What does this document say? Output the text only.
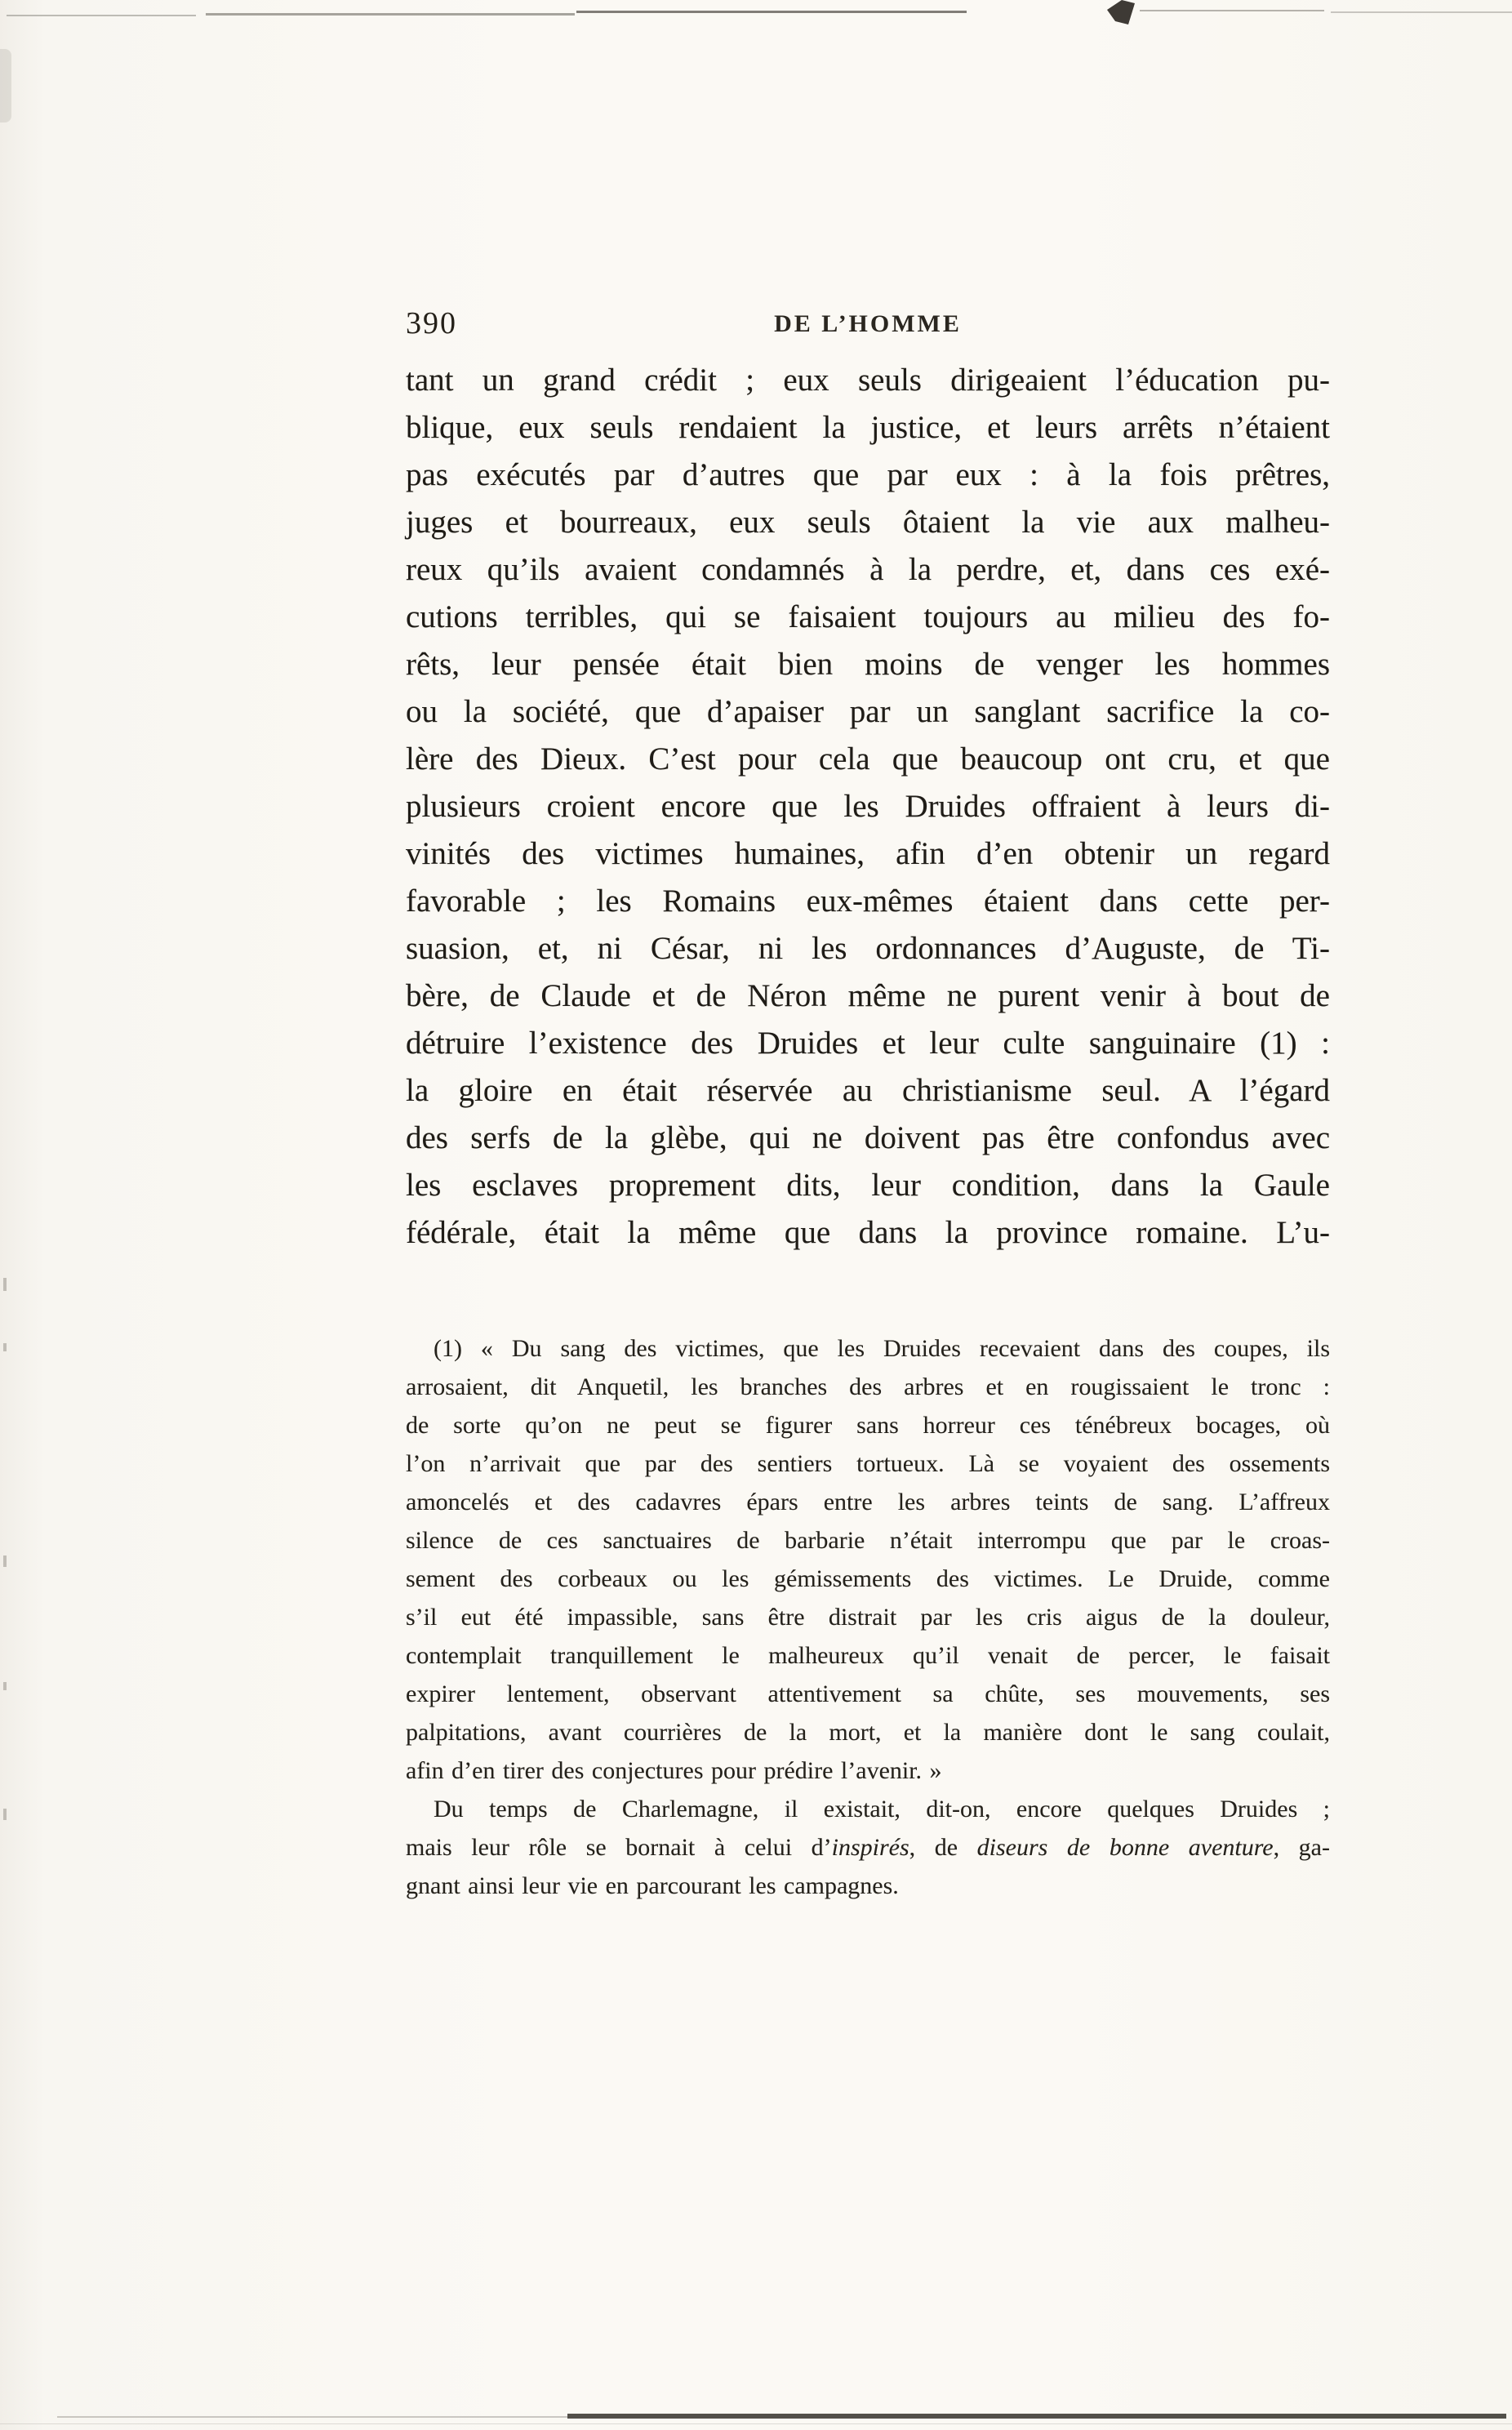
390	DE L’HOMME
tant un grand crédit ; eux seuls dirigeaient l’éducation pu-
blique, eux seuls rendaient la justice, et leurs arrêts n’étaient
pas exécutés par d’autres que par eux : à la fois prêtres,
juges et bourreaux, eux seuls ôtaient la vie aux malheu-
reux qu’ils avaient condamnés à la perdre, et, dans ces exé-
cutions terribles, qui se faisaient toujours au milieu des fo-
rêts, leur pensée était bien moins de venger les hommes
ou la société, que d’apaiser par un sanglant sacrifice la co-
lère des Dieux. C’est pour cela que beaucoup ont cru, et que
plusieurs croient encore que les Druides offraient à leurs di-
vinités des victimes humaines, afin d’en obtenir un regard
favorable ; les Romains eux-mêmes étaient dans cette per-
suasion, et, ni César, ni les ordonnances d’Auguste, de Ti-
bère, de Claude et de Néron même ne purent venir à bout de
détruire l’existence des Druides et leur culte sanguinaire (1) :
la gloire en était réservée au christianisme seul. A l’égard
des serfs de la glèbe, qui ne doivent pas être confondus avec
les esclaves proprement dits, leur condition, dans la Gaule
fédérale, était la même que dans la province romaine. L’u-
(1) « Du sang des victimes, que les Druides recevaient dans des coupes, ils
arrosaient, dit Anquetil, les branches des arbres et en rougissaient le tronc :
de sorte qu’on ne peut se figurer sans horreur ces ténébreux bocages, où
l’on n’arrivait que par des sentiers tortueux. Là se voyaient des ossements
amoncelés et des cadavres épars entre les arbres teints de sang. L’affreux
silence de ces sanctuaires de barbarie n’était interrompu que par le croas-
sement des corbeaux ou les gémissements des victimes. Le Druide, comme
s’il eut été impassible, sans être distrait par les cris aigus de la douleur,
contemplait tranquillement le malheureux qu’il venait de percer, le faisait
expirer lentement, observant attentivement sa chûte, ses mouvements, ses
palpitations, avant courrières de la mort, et la manière dont le sang coulait,
afin d’en tirer des conjectures pour prédire l’avenir. »
Du temps de Charlemagne, il existait, dit-on, encore quelques Druides ;
mais leur rôle se bornait à celui d’inspirés, de diseurs de bonne aventure, ga-
gnant ainsi leur vie en parcourant les campagnes.
